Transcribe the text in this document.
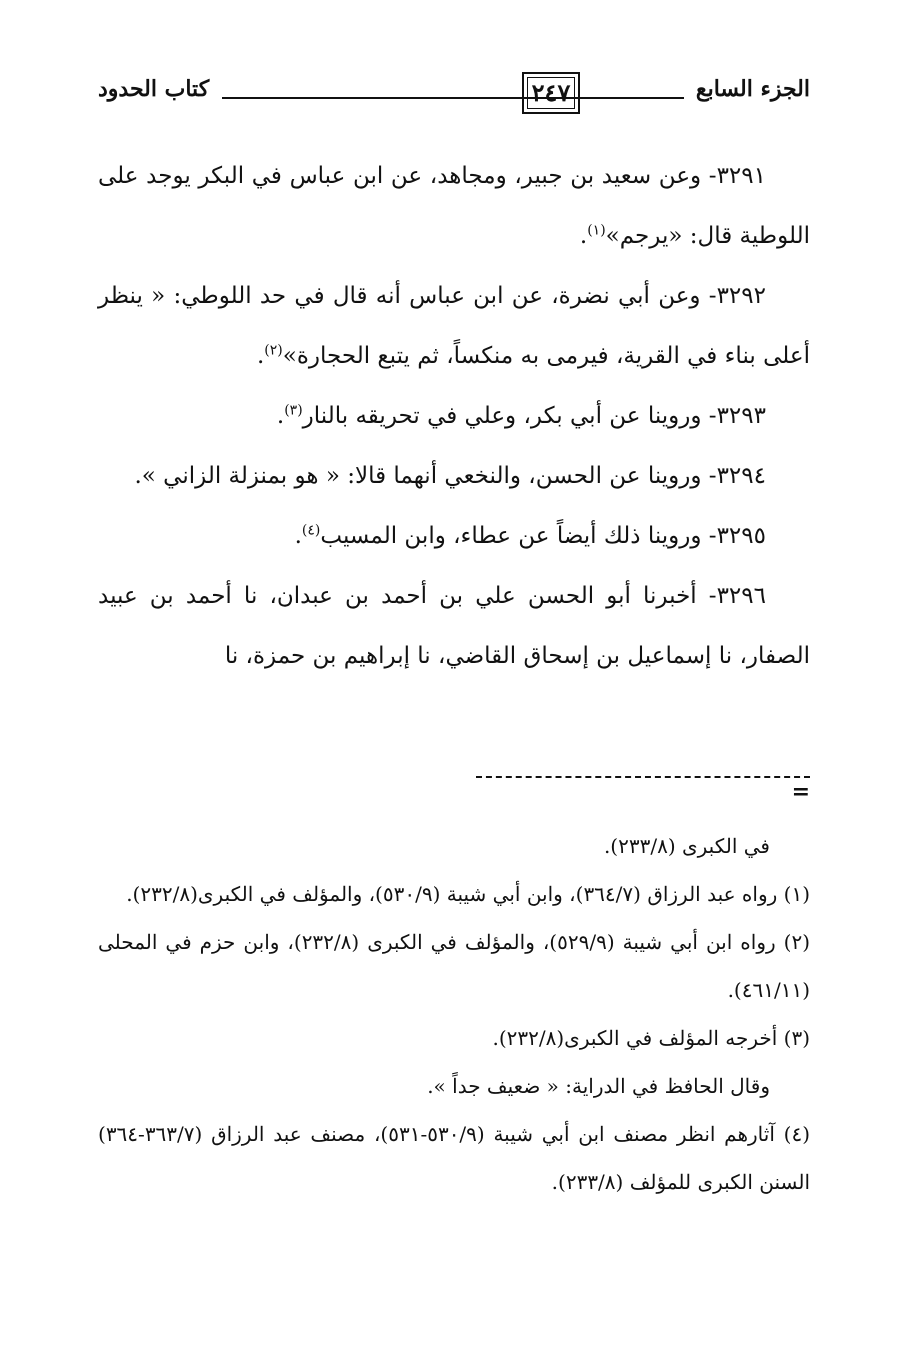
الجزء السابع
٢٤٧
كتاب الحدود

٣٢٩١- وعن سعيد بن جبير، ومجاهد، عن ابن عباس في البكر يوجد على اللوطية قال: «يرجم»$^{(١)}$.

٣٢٩٢- وعن أبي نضرة، عن ابن عباس أنه قال في حد اللوطي: « ينظر أعلى بناء في القرية، فيرمى به منكساً، ثم يتبع الحجارة»$^{(٢)}$.

٣٢٩٣- وروينا عن أبي بكر، وعلي في تحريقه بالنار$^{(٣)}$.

٣٢٩٤- وروينا عن الحسن، والنخعي أنهما قالا: « هو بمنزلة الزاني ».

٣٢٩٥- وروينا ذلك أيضاً عن عطاء، وابن المسيب$^{(٤)}$.

٣٢٩٦- أخبرنا أبو الحسن علي بن أحمد بن عبدان، نا أحمد بن عبيد الصفار، نا إسماعيل بن إسحاق القاضي، نا إبراهيم بن حمزة، نا

=

في الكبرى (٢٣٣/٨).

(١) رواه عبد الرزاق (٣٦٤/٧)، وابن أبي شيبة (٥٣٠/٩)، والمؤلف في الكبرى(٢٣٢/٨).

(٢) رواه ابن أبي شيبة (٥٢٩/٩)، والمؤلف في الكبرى (٢٣٢/٨)، وابن حزم في المحلى (٤٦١/١١).

(٣) أخرجه المؤلف في الكبرى(٢٣٢/٨).

وقال الحافظ في الدراية: « ضعيف جداً ».

(٤) آثارهم انظر مصنف ابن أبي شيبة (٥٣٠/٩-٥٣١)، مصنف عبد الرزاق (٣٦٣/٧-٣٦٤) السنن الكبرى للمؤلف (٢٣٣/٨).
